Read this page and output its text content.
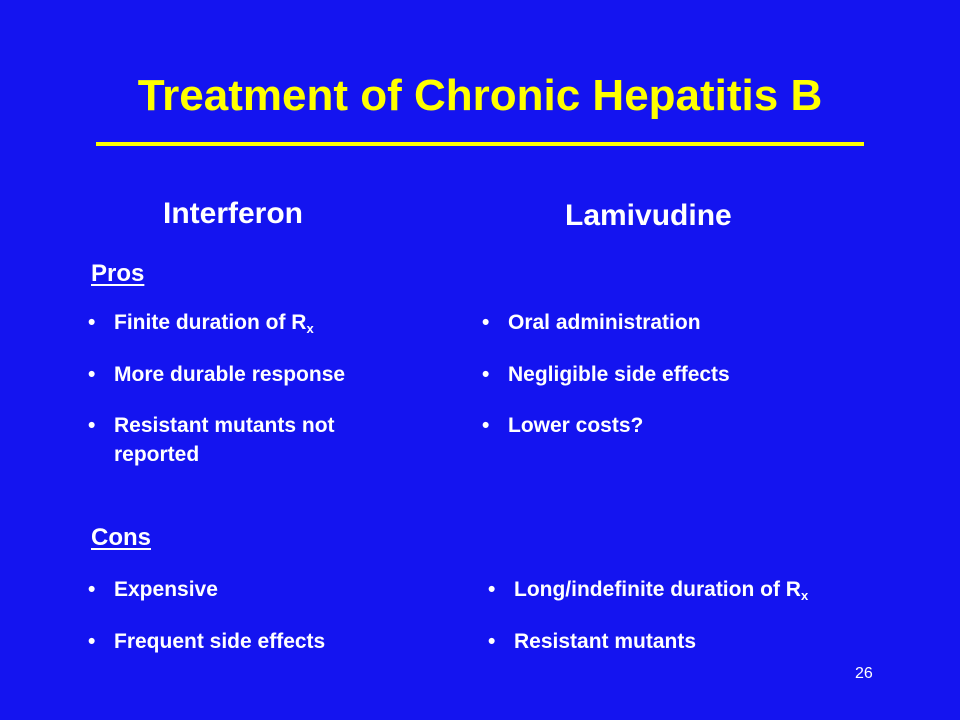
Treatment of Chronic Hepatitis B
Interferon	Lamivudine
Pros
• Finite duration of $R_x$
• More durable response
• Resistant mutants not
reported
• Oral administration
• Negligible side effects
• Lower costs?
Cons
• Expensive
• Frequent side effects
• Long/indefinite duration of $R_x$
• Resistant mutants
26
